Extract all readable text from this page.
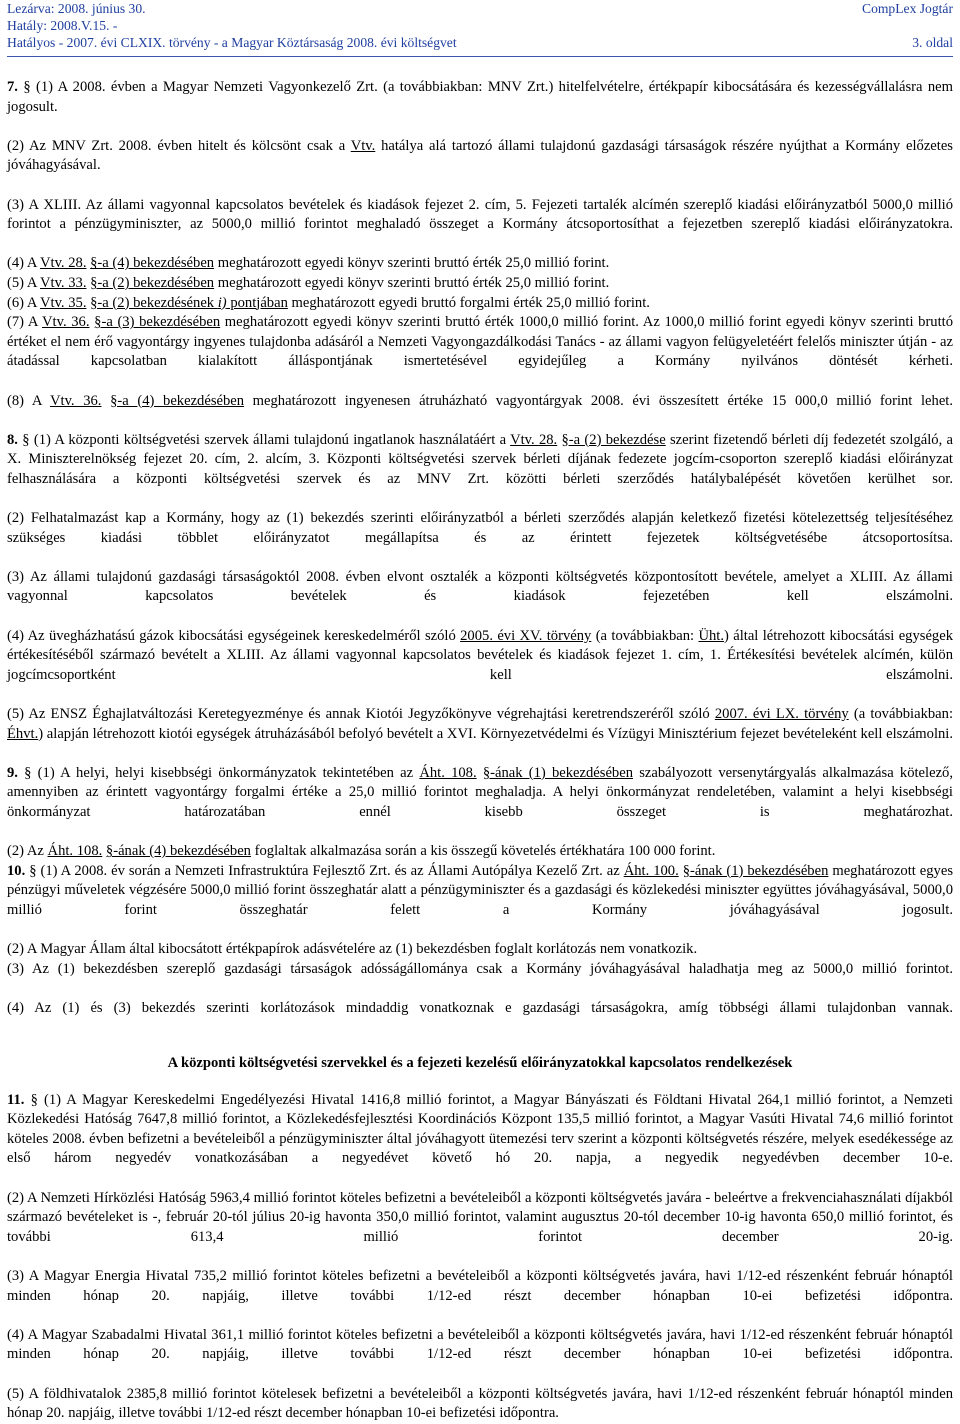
Lezárva: 2008. június 30.
Hatály: 2008.V.15. -
Hatályos - 2007. évi CLXIX. törvény - a Magyar Köztársaság 2008. évi költségvet
CompLex Jogtár
3. oldal

7. § (1) A 2008. évben a Magyar Nemzeti Vagyonkezelő Zrt. (a továbbiakban: MNV Zrt.) hitelfelvételre, értékpapír kibocsátására és kezességvállalásra nem jogosult.

(2) Az MNV Zrt. 2008. évben hitelt és kölcsönt csak a Vtv. hatálya alá tartozó állami tulajdonú gazdasági társaságok részére nyújthat a Kormány előzetes jóváhagyásával.

(3) A XLIII. Az állami vagyonnal kapcsolatos bevételek és kiadások fejezet 2. cím, 5. Fejezeti tartalék alcímén szereplő kiadási előirányzatból 5000,0 millió forintot a pénzügyminiszter, az 5000,0 millió forintot meghaladó összeget a Kormány átcsoportosíthat a fejezetben szereplő kiadási előirányzatokra.

(4) A Vtv. 28. §-a (4) bekezdésében meghatározott egyedi könyv szerinti bruttó érték 25,0 millió forint.

(5) A Vtv. 33. §-a (2) bekezdésében meghatározott egyedi könyv szerinti bruttó érték 25,0 millió forint.

(6) A Vtv. 35. §-a (2) bekezdésének i) pontjában meghatározott egyedi bruttó forgalmi érték 25,0 millió forint.

(7) A Vtv. 36. §-a (3) bekezdésében meghatározott egyedi könyv szerinti bruttó érték 1000,0 millió forint. Az 1000,0 millió forint egyedi könyv szerinti bruttó értéket el nem érő vagyontárgy ingyenes tulajdonba adásáról a Nemzeti Vagyongazdálkodási Tanács - az állami vagyon felügyeletéért felelős miniszter útján - az átadással kapcsolatban kialakított álláspontjának ismertetésével egyidejűleg a Kormány nyilvános döntését kérheti.

(8) A Vtv. 36. §-a (4) bekezdésében meghatározott ingyenesen átruházható vagyontárgyak 2008. évi összesített értéke 15 000,0 millió forint lehet.

8. § (1) A központi költségvetési szervek állami tulajdonú ingatlanok használatáért a Vtv. 28. §-a (2) bekezdése szerint fizetendő bérleti díj fedezetét szolgáló, a X. Miniszterelnökség fejezet 20. cím, 2. alcím, 3. Központi költségvetési szervek bérleti díjának fedezete jogcím-csoporton szereplő kiadási előirányzat felhasználására a központi költségvetési szervek és az MNV Zrt. közötti bérleti szerződés hatálybalépését követően kerülhet sor.

(2) Felhatalmazást kap a Kormány, hogy az (1) bekezdés szerinti előirányzatból a bérleti szerződés alapján keletkező fizetési kötelezettség teljesítéséhez szükséges kiadási többlet előirányzatot megállapítsa és az érintett fejezetek költségvetésébe átcsoportosítsa.

(3) Az állami tulajdonú gazdasági társaságoktól 2008. évben elvont osztalék a központi költségvetés központosított bevétele, amelyet a XLIII. Az állami vagyonnal kapcsolatos bevételek és kiadások fejezetében kell elszámolni.

(4) Az üvegházhatású gázok kibocsátási egységeinek kereskedelméről szóló 2005. évi XV. törvény (a továbbiakban: Üht.) által létrehozott kibocsátási egységek értékesítéséből származó bevételt a XLIII. Az állami vagyonnal kapcsolatos bevételek és kiadások fejezet 1. cím, 1. Értékesítési bevételek alcímén, külön jogcímcsoportként kell elszámolni.

(5) Az ENSZ Éghajlatváltozási Keretegyezménye és annak Kiotói Jegyzőkönyve végrehajtási keretrendszeréről szóló 2007. évi LX. törvény (a továbbiakban: Éhvt.) alapján létrehozott kiotói egységek átruházásából befolyó bevételt a XVI. Környezetvédelmi és Vízügyi Minisztérium fejezet bevételeként kell elszámolni.

9. § (1) A helyi, helyi kisebbségi önkormányzatok tekintetében az Áht. 108. §-ának (1) bekezdésében szabályozott versenytárgyalás alkalmazása kötelező, amennyiben az érintett vagyontárgy forgalmi értéke a 25,0 millió forintot meghaladja. A helyi önkormányzat rendeletében, valamint a helyi kisebbségi önkormányzat határozatában ennél kisebb összeget is meghatározhat.

(2) Az Áht. 108. §-ának (4) bekezdésében foglaltak alkalmazása során a kis összegű követelés értékhatára 100 000 forint.

10. § (1) A 2008. év során a Nemzeti Infrastruktúra Fejlesztő Zrt. és az Állami Autópálya Kezelő Zrt. az Áht. 100. §-ának (1) bekezdésében meghatározott egyes pénzügyi műveletek végzésére 5000,0 millió forint összeghatár alatt a pénzügyminiszter és a gazdasági és közlekedési miniszter együttes jóváhagyásával, 5000,0 millió forint összeghatár felett a Kormány jóváhagyásával jogosult.

(2) A Magyar Állam által kibocsátott értékpapírok adásvételére az (1) bekezdésben foglalt korlátozás nem vonatkozik.

(3) Az (1) bekezdésben szereplő gazdasági társaságok adósságállománya csak a Kormány jóváhagyásával haladhatja meg az 5000,0 millió forintot.

(4) Az (1) és (3) bekezdés szerinti korlátozások mindaddig vonatkoznak e gazdasági társaságokra, amíg többségi állami tulajdonban vannak.

A központi költségvetési szervekkel és a fejezeti kezelésű előirányzatokkal kapcsolatos rendelkezések

11. § (1) A Magyar Kereskedelmi Engedélyezési Hivatal 1416,8 millió forintot, a Magyar Bányászati és Földtani Hivatal 264,1 millió forintot, a Nemzeti Közlekedési Hatóság 7647,8 millió forintot, a Közlekedésfejlesztési Koordinációs Központ 135,5 millió forintot, a Magyar Vasúti Hivatal 74,6 millió forintot köteles 2008. évben befizetni a bevételeiből a pénzügyminiszter által jóváhagyott ütemezési terv szerint a központi költségvetés részére, melyek esedékessége az első három negyedév vonatkozásában a negyedévet követő hó 20. napja, a negyedik negyedévben december 10-e.

(2) A Nemzeti Hírközlési Hatóság 5963,4 millió forintot köteles befizetni a bevételeiből a központi költségvetés javára - beleértve a frekvenciahasználati díjakból származó bevételeket is -, február 20-tól július 20-ig havonta 350,0 millió forintot, valamint augusztus 20-tól december 10-ig havonta 650,0 millió forintot, és további 613,4 millió forintot december 20-ig.

(3) A Magyar Energia Hivatal 735,2 millió forintot köteles befizetni a bevételeiből a központi költségvetés javára, havi 1/12-ed részenként február hónaptól minden hónap 20. napjáig, illetve további 1/12-ed részt december hónapban 10-ei befizetési időpontra.

(4) A Magyar Szabadalmi Hivatal 361,1 millió forintot köteles befizetni a bevételeiből a központi költségvetés javára, havi 1/12-ed részenként február hónaptól minden hónap 20. napjáig, illetve további 1/12-ed részt december hónapban 10-ei befizetési időpontra.

(5) A földhivatalok 2385,8 millió forintot kötelesek befizetni a bevételeiből a központi költségvetés javára, havi 1/12-ed részenként február hónaptól minden hónap 20. napjáig, illetve további 1/12-ed részt december hónapban 10-ei befizetési időpontra.
